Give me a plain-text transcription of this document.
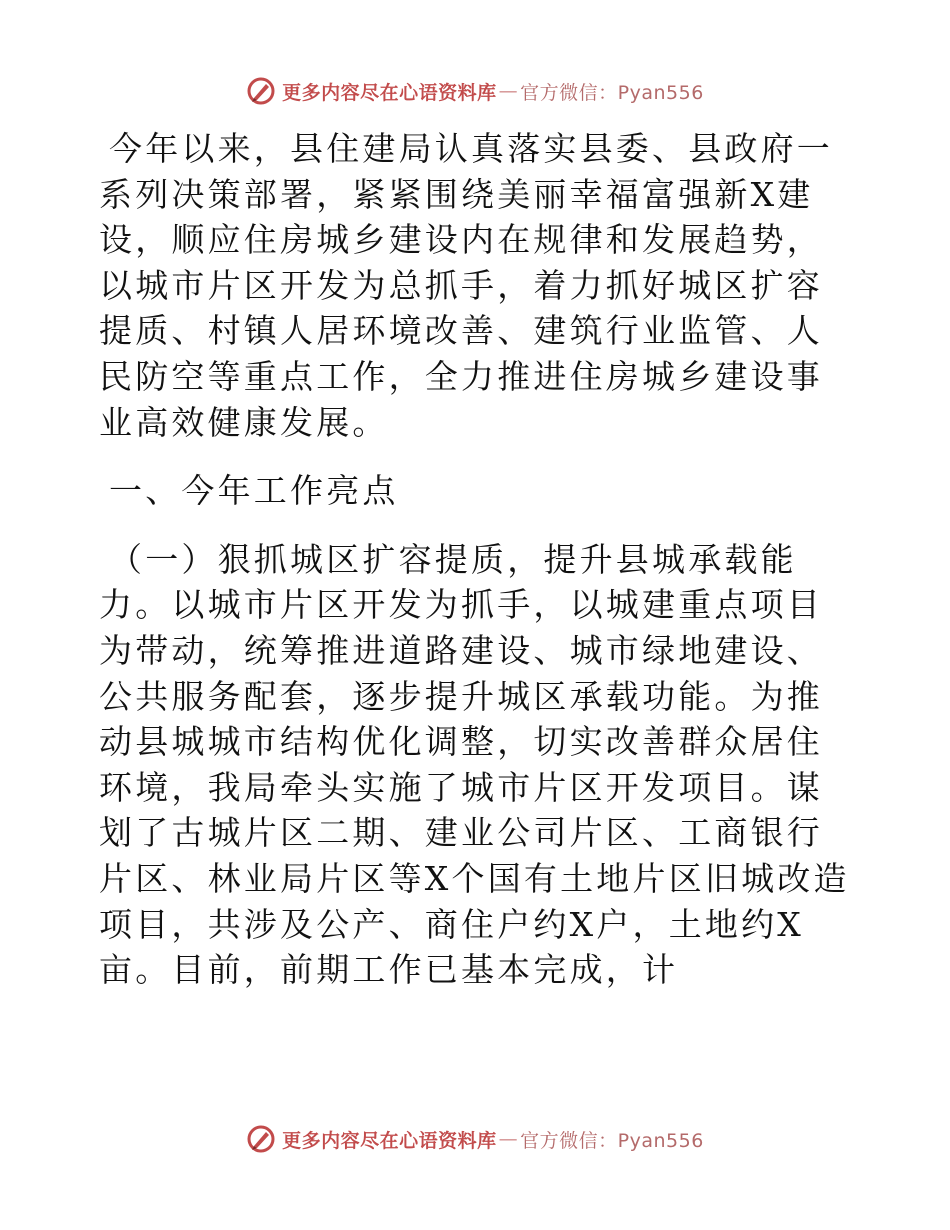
更多内容尽在心语资料库 — 官方微信：Pyan556

今年以来，县住建局认真落实县委、县政府一系列决策部署，紧紧围绕美丽幸福富强新X建设，顺应住房城乡建设内在规律和发展趋势，以城市片区开发为总抓手，着力抓好城区扩容提质、村镇人居环境改善、建筑行业监管、人民防空等重点工作，全力推进住房城乡建设事业高效健康发展。

一、今年工作亮点

（一）狠抓城区扩容提质，提升县城承载能力。以城市片区开发为抓手，以城建重点项目为带动，统筹推进道路建设、城市绿地建设、公共服务配套，逐步提升城区承载功能。为推动县城城市结构优化调整，切实改善群众居住环境，我局牵头实施了城市片区开发项目。谋划了古城片区二期、建业公司片区、工商银行片区、林业局片区等X个国有土地片区旧城改造项目，共涉及公产、商住户约X户，土地约X亩。目前，前期工作已基本完成，计

更多内容尽在心语资料库 — 官方微信：Pyan556
